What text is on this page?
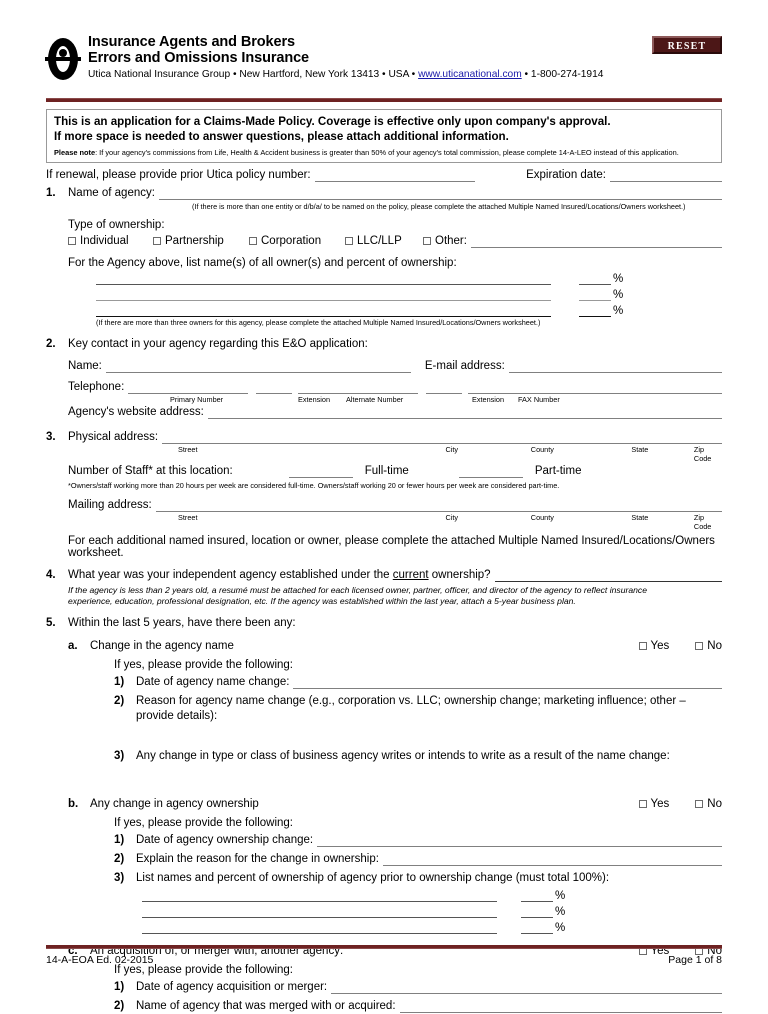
Insurance Agents and Brokers
Errors and Omissions Insurance
Utica National Insurance Group • New Hartford, New York 13413 • USA • www.uticanational.com • 1-800-274-1914
RESET
This is an application for a Claims-Made Policy. Coverage is effective only upon company's approval.
If more space is needed to answer questions, please attach additional information.
Please note: If your agency's commissions from Life, Health & Accident business is greater than 50% of your agency's total commission, please complete 14-A-LEO instead of this application.
If renewal, please provide prior Utica policy number:	Expiration date:
1.	Name of agency:
(If there is more than one entity or d/b/a/ to be named on the policy, please complete the attached Multiple Named Insured/Locations/Owners worksheet.)
Type of ownership:
Individual	Partnership	Corporation	LLC/LLP	Other:
For the Agency above, list name(s) of all owner(s) and percent of ownership:
%
%
%
(If there are more than three owners for this agency, please complete the attached Multiple Named Insured/Locations/Owners worksheet.)
2.	Key contact in your agency regarding this E&O application:
Name:	E-mail address:
Telephone:
Primary Number	Extension	Alternate Number	Extension	FAX Number
Agency's website address:
3.	Physical address:
Street	City	County	State	Zip Code
Number of Staff* at this location:	Full-time	Part-time
*Owners/staff working more than 20 hours per week are considered full-time. Owners/staff working 20 or fewer hours per week are considered part-time.
Mailing address:
Street	City	County	State	Zip Code
For each additional named insured, location or owner, please complete the attached Multiple Named Insured/Locations/Owners
worksheet.
4.	What year was your independent agency established under the current ownership?
If the agency is less than 2 years old, a resumé must be attached for each licensed owner, partner, officer, and director of the agency to reflect insurance
experience, education, professional designation, etc. If the agency was established within the last year, attach a 5-year business plan.
5.	Within the last 5 years, have there been any:
a.	Change in the agency name	Yes	No
If yes, please provide the following:
1)	Date of agency name change:
2)	Reason for agency name change (e.g., corporation vs. LLC; ownership change; marketing influence; other –
provide details):
3)	Any change in type or class of business agency writes or intends to write as a result of the name change:
b.	Any change in agency ownership	Yes	No
If yes, please provide the following:
1)	Date of agency ownership change:
2)	Explain the reason for the change in ownership:
3)	List names and percent of ownership of agency prior to ownership change (must total 100%):
%
%
%
c.	An acquisition of, or merger with, another agency:	Yes	No
If yes, please provide the following:
1)	Date of agency acquisition or merger:
2)	Name of agency that was merged with or acquired:
14-A-EOA Ed. 02-2015	Page 1 of 8
